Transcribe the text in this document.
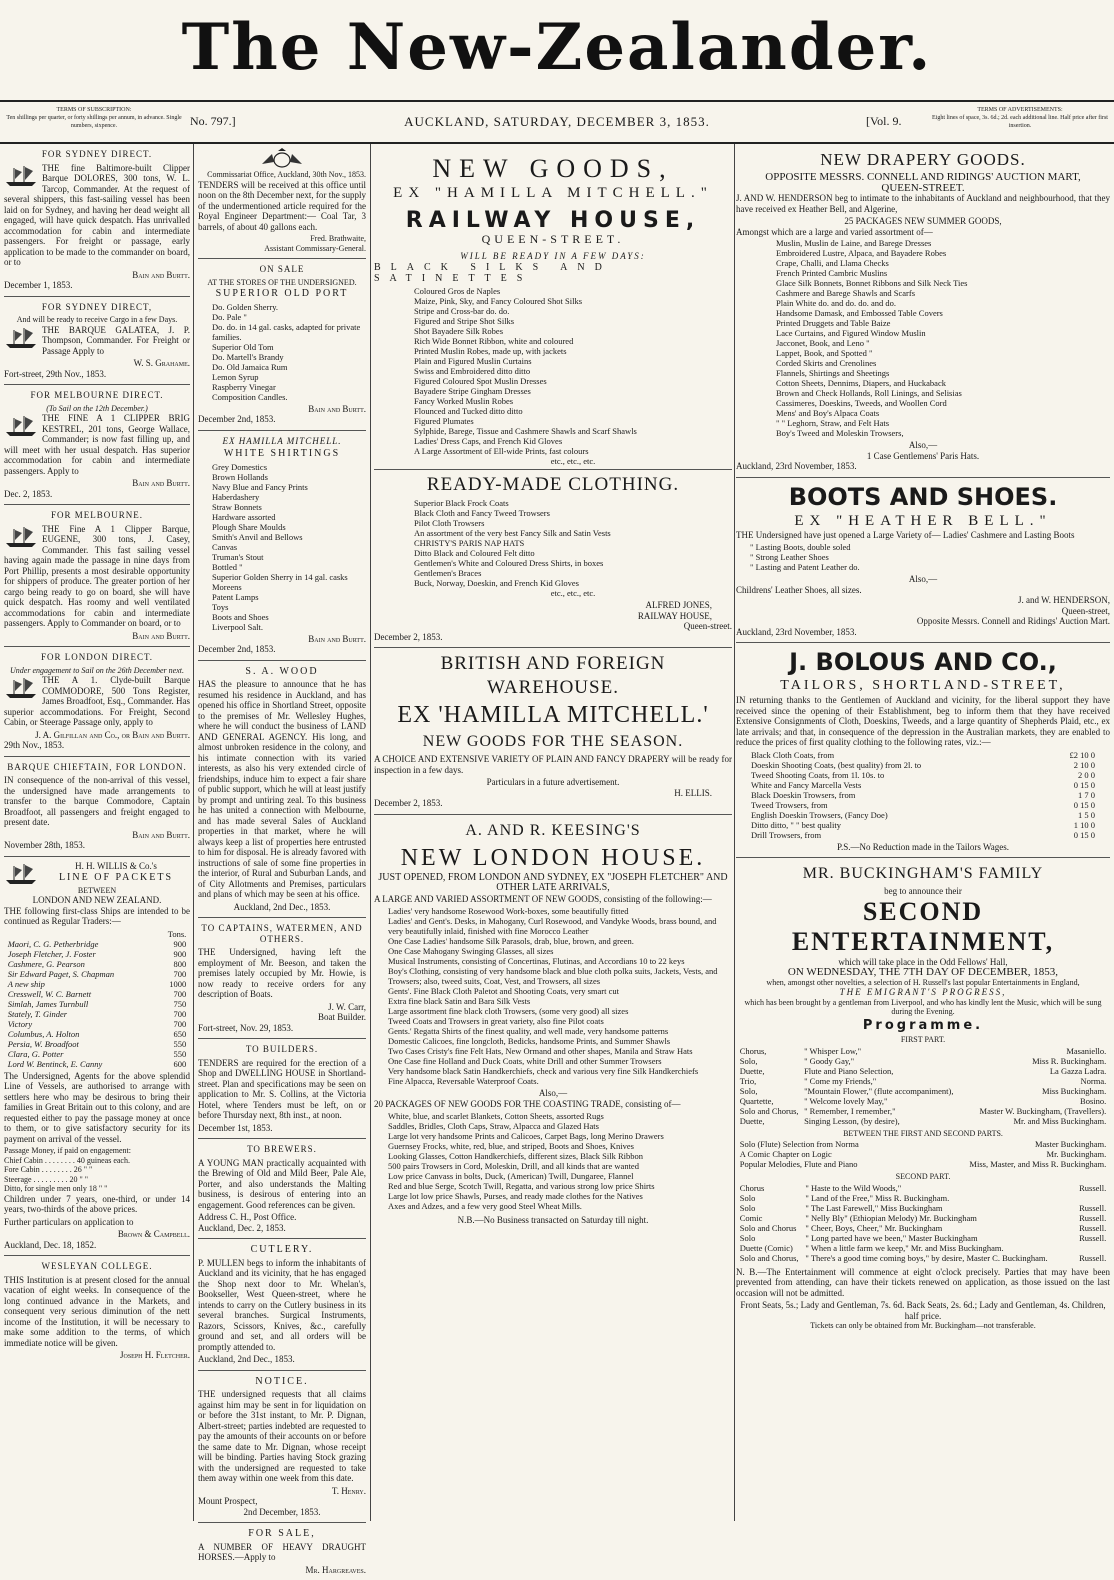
The New-Zealander.
TERMS OF SUBSCRIPTION:
Ten shillings per quarter, or forty shillings per annum, in advance. Single numbers, sixpence.	No. 797.]	AUCKLAND, SATURDAY, DECEMBER 3, 1853.	[Vol. 9.
TERMS OF ADVERTISEMENTS:
Eight lines of space, 3s. 6d.; 2d. each additional line. Half price after first insertion.
FOR SYDNEY DIRECT.

THE fine Baltimore-built Clipper Barque DOLORES, 300 tons, W. L. Tarcop, Commander. At the request of several shippers, this fast-sailing vessel has been laid on for Sydney, and having her dead weight all engaged, will have quick despatch. Has unrivalled accommodation for cabin and intermediate passengers. For freight or passage, early application to be made to the commander on board, or to

Bain and Burtt.
December 1, 1853.
FOR SYDNEY DIRECT,
And will be ready to receive Cargo in a few Days.

THE BARQUE GALATEA, J. P. Thompson, Commander. For Freight or Passage Apply to

W. S. Grahame.
Fort-street, 29th Nov., 1853.
FOR MELBOURNE DIRECT.
(To Sail on the 12th December.)

THE FINE A 1 CLIPPER BRIG KESTREL, 201 tons, George Wallace, Commander; is now fast filling up, and will meet with her usual despatch. Has superior accommodation for cabin and intermediate passengers. Apply to

Bain and Burtt.
Dec. 2, 1853.
FOR MELBOURNE.

THE Fine A 1 Clipper Barque, EUGENE, 300 tons, J. Casey, Commander. This fast sailing vessel having again made the passage in nine days from Port Phillip, presents a most desirable opportunity for shippers of produce. The greater portion of her cargo being ready to go on board, she will have quick despatch. Has roomy and well ventilated accommodations for cabin and intermediate passengers. Apply to Commander on board, or to

Bain and Burtt.
FOR LONDON DIRECT.
Under engagement to Sail on the 26th December next.

THE A 1. Clyde-built Barque COMMODORE, 500 Tons Register, James Broadfoot, Esq., Commander. Has superior accommodations. For Freight, Second Cabin, or Steerage Passage only, apply to

J. A. Gilfillan and Co., or Bain and Burtt.
29th Nov., 1853.
BARQUE CHIEFTAIN, FOR LONDON.

IN consequence of the non-arrival of this vessel, the undersigned have made arrangements to transfer to the barque Commodore, Captain Broadfoot, all passengers and freight engaged to present date.

Bain and Burtt.
November 28th, 1853.
H. H. WILLIS & Co.'s
LINE OF PACKETS
BETWEEN
LONDON AND NEW ZEALAND.

THE following first-class Ships are intended to be continued as Regular Traders:—

	Tons.
Maori, C. G. Petherbridge	900
Joseph Fletcher, J. Foster	900
Cashmere, G. Pearson	800
Sir Edward Paget, S. Chapman	700
A new ship	1000
Cresswell, W. C. Barnett	700
Simlah, James Turnbull	750
Stately, T. Ginder	700
Victory	700
Columbus, A. Holton	650
Persia, W. Broadfoot	550
Clara, G. Potter	550
Lord W. Bentinck, E. Canny	600

The Undersigned, Agents for the above splendid Line of Vessels, are authorised to arrange with settlers here who may be desirous to bring their families in Great Britain out to this colony, and are requested either to pay the passage money at once to them, or to give satisfactory security for its payment on arrival of the vessel.

Passage Money, if paid on engagement:
Chief Cabin . . . . . . . . 40 guineas each.
Fore Cabin . . . . . . . . 26 " "
Steerage . . . . . . . . . 20 " "
Ditto, for single men only 18 " "

Children under 7 years, one-third, or under 14 years, two-thirds of the above prices.

Further particulars on application to

Brown & Campbell.
Auckland, Dec. 18, 1852.
WESLEYAN COLLEGE.

THIS Institution is at present closed for the annual vacation of eight weeks. In consequence of the long continued advance in the Markets, and consequent very serious diminution of the nett income of the Institution, it will be necessary to make some addition to the terms, of which immediate notice will be given.

Joseph H. Fletcher.
Commissariat Office, Auckland, 30th Nov., 1853.

TENDERS will be received at this office until noon on the 8th December next, for the supply of the undermentioned article required for the Royal Engineer Department:— Coal Tar, 3 barrels, of about 40 gallons each.

Fred. Brathwaite,
Assistant Commissary-General.
ON SALE
AT THE STORES OF THE UNDERSIGNED.
SUPERIOR OLD PORT
Do. Golden Sherry.
Do. Pale "
Do. do. in 14 gal. casks, adapted for private families.
Superior Old Tom
Do. Martell's Brandy
Do. Old Jamaica Rum
Lemon Syrup
Raspberry Vinegar
Composition Candles.
Bain and Burtt.
December 2nd, 1853.
EX HAMILLA MITCHELL.
WHITE SHIRTINGS
Grey Domestics
Brown Hollands
Navy Blue and Fancy Prints
Haberdashery
Straw Bonnets
Hardware assorted
Plough Share Moulds
Smith's Anvil and Bellows
Canvas
Truman's Stout
Bottled "
Superior Golden Sherry in 14 gal. casks
Moreens
Patent Lamps
Toys
Boots and Shoes
Liverpool Salt.
Bain and Burtt.
December 2nd, 1853.
S. A. WOOD

HAS the pleasure to announce that he has resumed his residence in Auckland, and has opened his office in Shortland Street, opposite to the premises of Mr. Wellesley Hughes, where he will conduct the business of LAND AND GENERAL AGENCY. His long, and almost unbroken residence in the colony, and his intimate connection with its varied interests, as also his very extended circle of friendships, induce him to expect a fair share of public support, which he will at least justify by prompt and untiring zeal. To this business he has united a connection with Melbourne, and has made several Sales of Auckland properties in that market, where he will always keep a list of properties here entrusted to him for disposal. He is already favored with instructions of sale of some fine properties in the interior, of Rural and Suburban Lands, and of City Allotments and Premises, particulars and plans of which may be seen at his office.

Auckland, 2nd Dec., 1853.
TO CAPTAINS, WATERMEN, AND OTHERS.

THE Undersigned, having left the employment of Mr. Beeson, and taken the premises lately occupied by Mr. Howie, is now ready to receive orders for any description of Boats.

J. W. Carr,
Boat Builder.
Fort-street, Nov. 29, 1853.
TO BUILDERS.

TENDERS are required for the erection of a Shop and DWELLING HOUSE in Shortland-street. Plan and specifications may be seen on application to Mr. S. Collins, at the Victoria Hotel, where Tenders must be left, on or before Thursday next, 8th inst., at noon.

December 1st, 1853.
TO BREWERS.

A YOUNG MAN practically acquainted with the Brewing of Old and Mild Beer, Pale Ale, Porter, and also understands the Malting business, is desirous of entering into an engagement. Good references can be given.

Address C. H., Post Office.
Auckland, Dec. 2, 1853.
CUTLERY.

P. MULLEN begs to inform the inhabitants of Auckland and its vicinity, that he has engaged the Shop next door to Mr. Whelan's, Bookseller, West Queen-street, where he intends to carry on the Cutlery business in its several branches. Surgical Instruments, Razors, Scissors, Knives, &c., carefully ground and set, and all orders will be promptly attended to.

Auckland, 2nd Dec., 1853.
NOTICE.

THE undersigned requests that all claims against him may be sent in for liquidation on or before the 31st instant, to Mr. P. Dignan, Albert-street; parties indebted are requested to pay the amounts of their accounts on or before the same date to Mr. Dignan, whose receipt will be binding. Parties having Stock grazing with the undersigned are requested to take them away within one week from this date.

T. Henry.
Mount Prospect,
2nd December, 1853.
FOR SALE,

A NUMBER OF HEAVY DRAUGHT HORSES.—Apply to

Mr. Hargreaves.
NEW GOODS,
EX "HAMILLA MITCHELL."
RAILWAY HOUSE,
QUEEN-STREET.
WILL BE READY IN A FEW DAYS:
BLACK SILKS AND SATINETTES
Coloured Gros de Naples
Maize, Pink, Sky, and Fancy Coloured Shot Silks
Stripe and Cross-bar do. do.
Figured and Stripe Shot Silks
Shot Bayadere Silk Robes
Rich Wide Bonnet Ribbon, white and coloured
Printed Muslin Robes, made up, with jackets
Plain and Figured Muslin Curtains
Swiss and Embroidered ditto ditto
Figured Coloured Spot Muslin Dresses
Bayadere Stripe Gingham Dresses
Fancy Worked Muslin Robes
Flounced and Tucked ditto ditto
Figured Plumates
Sylphide, Barege, Tissue and Cashmere Shawls and Scarf Shawls
Ladies' Dress Caps, and French Kid Gloves
A Large Assortment of Ell-wide Prints, fast colours
etc., etc., etc.
READY-MADE CLOTHING.
Superior Black Frock Coats
Black Cloth and Fancy Tweed Trowsers
Pilot Cloth Trowsers
An assortment of the very best Fancy Silk and Satin Vests
CHRISTY'S PARIS NAP HATS
Ditto Black and Coloured Felt ditto
Gentlemen's White and Coloured Dress Shirts, in boxes
Gentlemen's Braces
Buck, Norway, Doeskin, and French Kid Gloves
etc., etc., etc.
ALFRED JONES,
RAILWAY HOUSE,
Queen-street.
December 2, 1853.
BRITISH AND FOREIGN WAREHOUSE.
EX 'HAMILLA MITCHELL.'
NEW GOODS FOR THE SEASON.

A CHOICE AND EXTENSIVE VARIETY OF PLAIN AND FANCY DRAPERY will be ready for inspection in a few days.

Particulars in a future advertisement.
H. ELLIS.
December 2, 1853.
A. AND R. KEESING'S
NEW LONDON HOUSE.
JUST OPENED, FROM LONDON AND SYDNEY, EX "JOSEPH FLETCHER" AND OTHER LATE ARRIVALS,

A LARGE AND VARIED ASSORTMENT OF NEW GOODS, consisting of the following:—

Ladies' very handsome Rosewood Work-boxes, some beautifully fitted
Ladies' and Gent's. Desks, in Mahogany, Curl Rosewood, and Vandyke Woods, brass bound, and very beautifully inlaid, finished with fine Morocco Leather
One Case Ladies' handsome Silk Parasols, drab, blue, brown, and green.
One Case Mahogany Swinging Glasses, all sizes
Musical Instruments, consisting of Concertinas, Flutinas, and Accordians 10 to 22 keys
Boy's Clothing, consisting of very handsome black and blue cloth polka suits, Jackets, Vests, and Trowsers; also, tweed suits, Coat, Vest, and Trowsers, all sizes
Gents'. Fine Black Cloth Paletot and Shooting Coats, very smart cut
Extra fine black Satin and Bara Silk Vests
Large assortment fine black cloth Trowsers, (some very good) all sizes
Tweed Coats and Trowsers in great variety, also fine Pilot coats
Gents.' Regatta Shirts of the finest quality, and well made, very handsome patterns
Domestic Calicoes, fine longcloth, Bedicks, handsome Prints, and Summer Shawls
Two Cases Cristy's fine Felt Hats, New Ormand and other shapes, Manila and Straw Hats
One Case fine Holland and Duck Coats, white Drill and other Summer Trowsers
Very handsome black Satin Handkerchiefs, check and various very fine Silk Handkerchiefs
Fine Alpacca, Reversable Waterproof Coats.
Also,—

20 PACKAGES OF NEW GOODS FOR THE COASTING TRADE, consisting of—

White, blue, and scarlet Blankets, Cotton Sheets, assorted Rugs
Saddles, Bridles, Cloth Caps, Straw, Alpacca and Glazed Hats
Large lot very handsome Prints and Calicoes, Carpet Bags, long Merino Drawers
Guernsey Frocks, white, red, blue, and striped, Boots and Shoes, Knives
Looking Glasses, Cotton Handkerchiefs, different sizes, Black Silk Ribbon
500 pairs Trowsers in Cord, Moleskin, Drill, and all kinds that are wanted
Low price Canvass in bolts, Duck, (American) Twill, Dungaree, Flannel
Red and blue Serge, Scotch Twill, Regatta, and various strong low price Shirts
Large lot low price Shawls, Purses, and ready made clothes for the Natives
Axes and Adzes, and a few very good Steel Wheat Mills.
N.B.—No Business transacted on Saturday till night.
NEW DRAPERY GOODS.
OPPOSITE MESSRS. CONNELL AND RIDINGS' AUCTION MART,
QUEEN-STREET.

J. AND W. HENDERSON beg to intimate to the inhabitants of Auckland and neighbourhood, that they have received ex Heather Bell, and Algerine,

25 PACKAGES NEW SUMMER GOODS,
Amongst which are a large and varied assortment of—
Muslin, Muslin de Laine, and Barege Dresses
Embroidered Lustre, Alpaca, and Bayadere Robes
Crape, Challi, and Llama Checks
French Printed Cambric Muslins
Glace Silk Bonnets, Bonnet Ribbons and Silk Neck Ties
Cashmere and Barege Shawls and Scarfs
Plain White do. and do. do. and do.
Handsome Damask, and Embossed Table Covers
Printed Druggets and Table Baize
Lace Curtains, and Figured Window Muslin
Jacconet, Book, and Leno "
Lappet, Book, and Spotted "
Corded Skirts and Crenolines
Flannels, Shirtings and Sheetings
Cotton Sheets, Dennims, Diapers, and Huckaback
Brown and Check Hollands, Roll Linings, and Selisias
Cassimeres, Doeskins, Tweeds, and Woollen Cord
Mens' and Boy's Alpaca Coats
" " Leghorn, Straw, and Felt Hats
Boy's Tweed and Moleskin Trowsers,
Also,—
1 Case Gentlemens' Paris Hats.
Auckland, 23rd November, 1853.
BOOTS AND SHOES.
EX "HEATHER BELL."

THE Undersigned have just opened a Large Variety of— Ladies' Cashmere and Lasting Boots

" Lasting Boots, double soled
" Strong Leather Shoes
" Lasting and Patent Leather do.
Also,—
Childrens' Leather Shoes, all sizes.
J. and W. HENDERSON,
Queen-street,
Opposite Messrs. Connell and Ridings' Auction Mart.
Auckland, 23rd November, 1853.
J. BOLOUS AND CO.,
TAILORS, SHORTLAND-STREET,

IN returning thanks to the Gentlemen of Auckland and vicinity, for the liberal support they have received since the opening of their Establishment, beg to inform them that they have received Extensive Consignments of Cloth, Doeskins, Tweeds, and a large quantity of Shepherds Plaid, etc., ex late arrivals; and that, in consequence of the depression in the Australian markets, they are enabled to reduce the prices of first quality clothing to the following rates, viz.:—

Black Cloth Coats, from	£2 10 0
Doeskin Shooting Coats, (best quality) from 2l. to	2 10 0
Tweed Shooting Coats, from 1l. 10s. to	2 0 0
White and Fancy Marcella Vests	0 15 0
Black Doeskin Trowsers, from	1 7 0
Tweed Trowsers, from	0 15 0
English Doeskin Trowsers, (Fancy Doe)	1 5 0
Ditto ditto, " " best quality	1 10 0
Drill Trowsers, from	0 15 0
P.S.—No Reduction made in the Tailors Wages.
MR. BUCKINGHAM'S FAMILY
beg to announce their
SECOND ENTERTAINMENT,
which will take place in the Odd Fellows' Hall,
ON WEDNESDAY, THE 7TH DAY OF DECEMBER, 1853,
when, amongst other novelties, a selection of H. Russell's last popular Entertainments in England,
THE EMIGRANT'S PROGRESS,
which has been brought by a gentleman from Liverpool, and who has kindly lent the Music, which will be sung during the Evening.
Programme.
FIRST PART.
Chorus,	" Whisper Low,"	Masaniello.
Solo,	" Goody Gay,"	Miss R. Buckingham.
Duette,	Flute and Piano Selection,	La Gazza Ladra.
Trio,	" Come my Friends,"	Norma.
Solo,	"Mountain Flower," (flute accompaniment),	Miss Buckingham.
Quartette,	" Welcome lovely May,"	Bosino.
Solo and Chorus,	" Remember, I remember,"	Master W. Buckingham, (Travellers).
Duette,	Singing Lesson, (by desire),	Mr. and Miss Buckingham.
BETWEEN THE FIRST AND SECOND PARTS.
Solo (Flute) Selection from Norma	Master Buckingham.
A Comic Chapter on Logic	Mr. Buckingham.
Popular Melodies, Flute and Piano	Miss, Master, and Miss R. Buckingham.
SECOND PART.
Chorus	" Haste to the Wild Woods,"	Russell.
Solo	" Land of the Free," Miss R. Buckingham.	
Solo	" The Last Farewell," Miss Buckingham	Russell.
Comic	" Nelly Bly" (Ethiopian Melody) Mr. Buckingham	Russell.
Solo and Chorus	" Cheer, Boys, Cheer," Mr. Buckingham	Russell.
Solo	" Long parted have we been," Master Buckingham	Russell.
Duette (Comic)	" When a little farm we keep," Mr. and Miss Buckingham.	
Solo and Chorus,	" There's a good time coming boys," by desire, Master C. Buckingham.	Russell.

N. B.—The Entertainment will commence at eight o'clock precisely. Parties that may have been prevented from attending, can have their tickets renewed on application, as those issued on the last occasion will not be admitted.

Front Seats, 5s.; Lady and Gentleman, 7s. 6d. Back Seats, 2s. 6d.; Lady and Gentleman, 4s. Children, half price.
Tickets can only be obtained from Mr. Buckingham—not transferable.
